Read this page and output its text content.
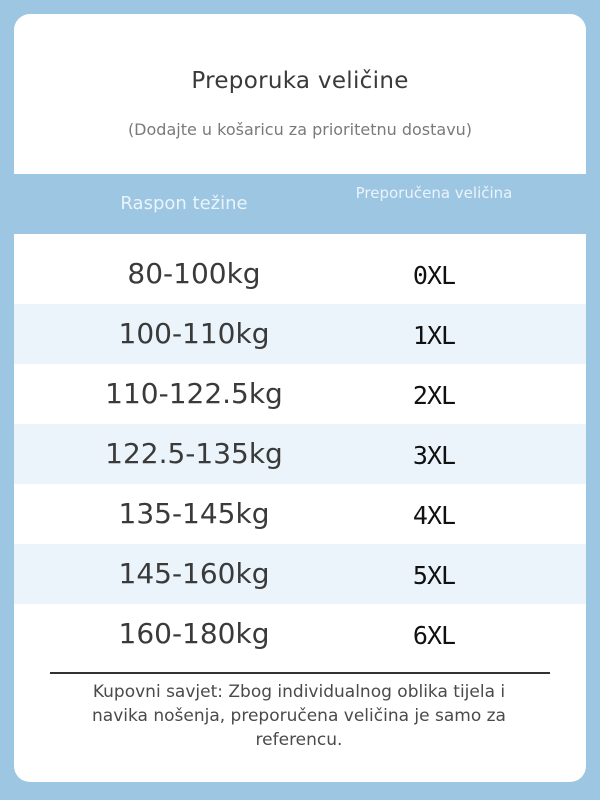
Preporuka veličine
(Dodajte u košaricu za prioritetnu dostavu)
Raspon težine	Preporučena veličina
80-100kg	0XL
100-110kg	1XL
110-122.5kg	2XL
122.5-135kg	3XL
135-145kg	4XL
145-160kg	5XL
160-180kg	6XL
Kupovni savjet: Zbog individualnog oblika tijela i navika nošenja, preporučena veličina je samo za referencu.
